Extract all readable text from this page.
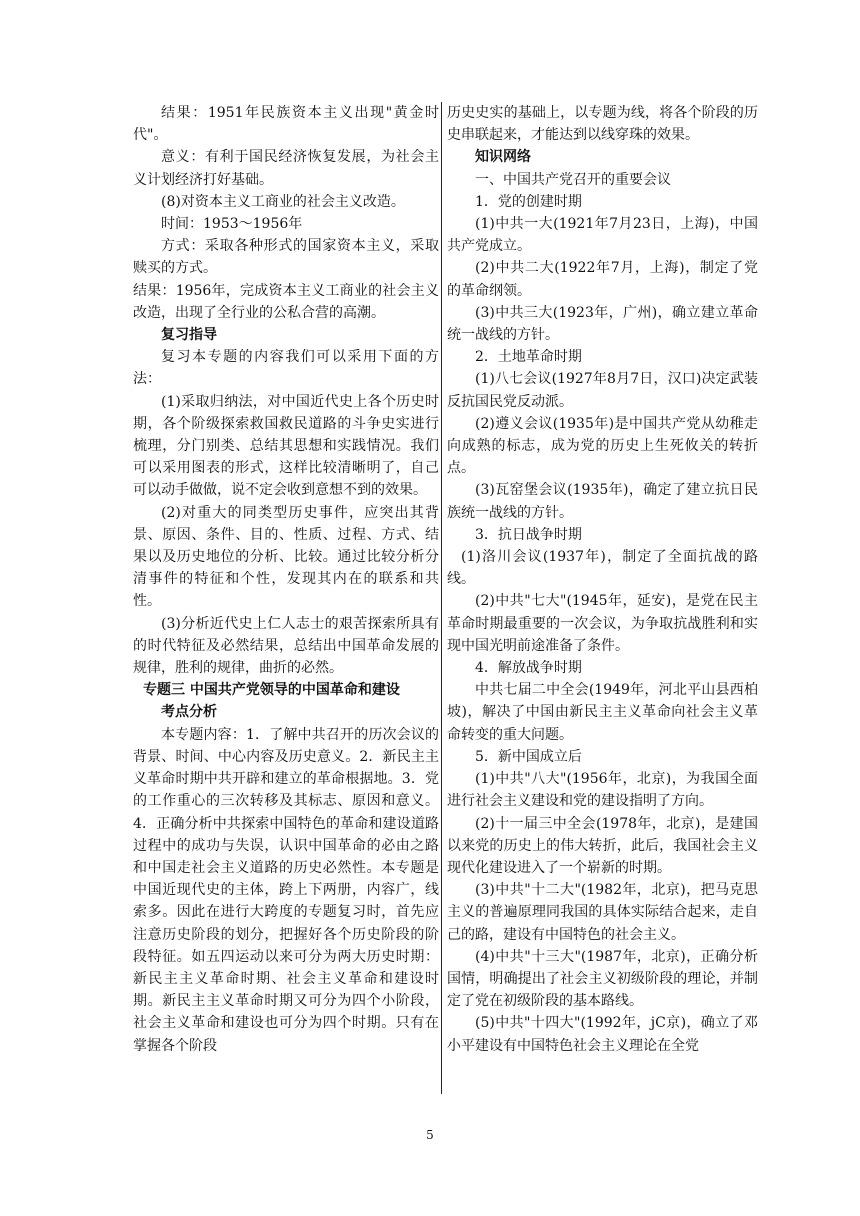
结果：1951年民族资本主义出现"黄金时代"。

意义：有利于国民经济恢复发展，为社会主义计划经济打好基础。

(8)对资本主义工商业的社会主义改造。

时间：1953～1956年

方式：采取各种形式的国家资本主义，采取赎买的方式。

结果：1956年，完成资本主义工商业的社会主义改造，出现了全行业的公私合营的高潮。

复习指导

复习本专题的内容我们可以采用下面的方法：

(1)采取归纳法，对中国近代史上各个历史时期，各个阶级探索救国救民道路的斗争史实进行梳理，分门别类、总结其思想和实践情况。我们可以采用图表的形式，这样比较清晰明了，自己可以动手做做，说不定会收到意想不到的效果。

(2)对重大的同类型历史事件，应突出其背景、原因、条件、目的、性质、过程、方式、结果以及历史地位的分析、比较。通过比较分析分清事件的特征和个性，发现其内在的联系和共性。

(3)分析近代史上仁人志士的艰苦探索所具有的时代特征及必然结果，总结出中国革命发展的规律，胜利的规律，曲折的必然。

专题三 中国共产党领导的中国革命和建设

考点分析

本专题内容：1．了解中共召开的历次会议的背景、时间、中心内容及历史意义。2．新民主主义革命时期中共开辟和建立的革命根据地。3．党的工作重心的三次转移及其标志、原因和意义。4．正确分析中共探索中国特色的革命和建设道路过程中的成功与失误，认识中国革命的必由之路和中国走社会主义道路的历史必然性。本专题是中国近现代史的主体，跨上下两册，内容广，线索多。因此在进行大跨度的专题复习时，首先应注意历史阶段的划分，把握好各个历史阶段的阶段特征。如五四运动以来可分为两大历史时期：新民主主义革命时期、社会主义革命和建设时期。新民主主义革命时期又可分为四个小阶段，社会主义革命和建设也可分为四个时期。只有在掌握各个阶段

历史史实的基础上，以专题为线，将各个阶段的历史串联起来，才能达到以线穿珠的效果。

知识网络

一、中国共产党召开的重要会议

1．党的创建时期

(1)中共一大(1921年7月23日，上海)，中国共产党成立。

(2)中共二大(1922年7月，上海)，制定了党的革命纲领。

(3)中共三大(1923年，广州)，确立建立革命统一战线的方针。

2．土地革命时期

(1)八七会议(1927年8月7日，汉口)决定武装反抗国民党反动派。

(2)遵义会议(1935年)是中国共产党从幼稚走向成熟的标志，成为党的历史上生死攸关的转折点。

(3)瓦窑堡会议(1935年)，确定了建立抗日民族统一战线的方针。

3．抗日战争时期

(1)洛川会议(1937年)，制定了全面抗战的路线。

(2)中共"七大"(1945年，延安)，是党在民主革命时期最重要的一次会议，为争取抗战胜利和实现中国光明前途准备了条件。

4．解放战争时期

中共七届二中全会(1949年，河北平山县西柏坡)，解决了中国由新民主主义革命向社会主义革命转变的重大问题。

5．新中国成立后

(1)中共"八大"(1956年，北京)，为我国全面进行社会主义建设和党的建设指明了方向。

(2)十一届三中全会(1978年，北京)，是建国以来党的历史上的伟大转折，此后，我国社会主义现代化建设进入了一个崭新的时期。

(3)中共"十二大"(1982年，北京)，把马克思主义的普遍原理同我国的具体实际结合起来，走自己的路，建设有中国特色的社会主义。

(4)中共"十三大"(1987年，北京)，正确分析国情，明确提出了社会主义初级阶段的理论，并制定了党在初级阶段的基本路线。

(5)中共"十四大"(1992年，jC京)，确立了邓小平建设有中国特色社会主义理论在全党

5
